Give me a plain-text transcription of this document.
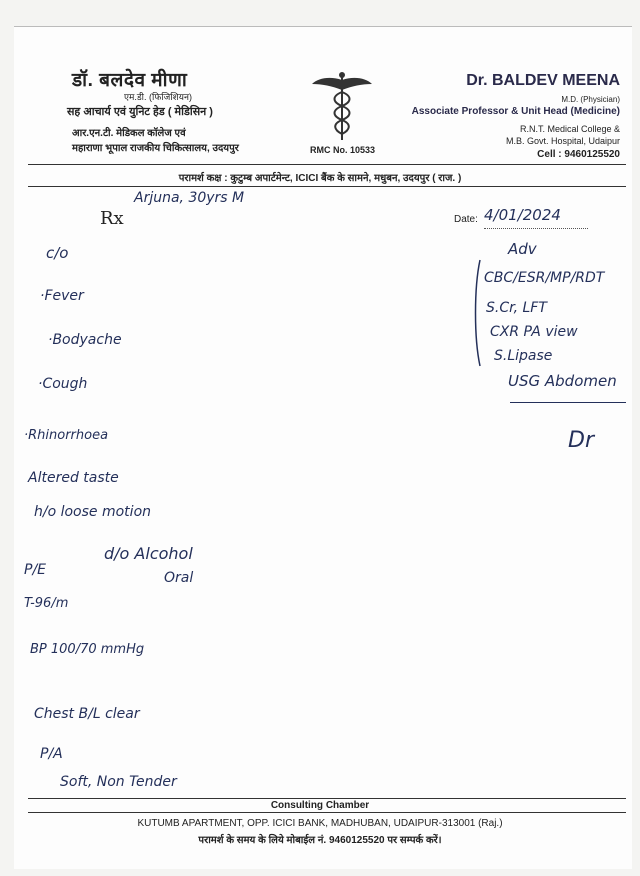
डॉ. बलदेव मीणा
एम.डी. (फिजिशियन)
सह आचार्य एवं युनिट हेड ( मेडिसिन )
आर.एन.टी. मेडिकल कॉलेज एवं
महाराणा भूपाल राजकीय चिकित्सालय, उदयपुर	RMC No. 10533
Dr. BALDEV MEENA
M.D. (Physician)
Associate Professor & Unit Head (Medicine)
R.N.T. Medical College &
M.B. Govt. Hospital, Udaipur
Cell : 9460125520
परामर्श कक्ष : कुटुम्ब अपार्टमेन्ट, ICICI बैंक के सामने, मधुबन, उदयपुर ( राज. )
Rx	Date:
Arjuna, 30yrs M
4/01/2024
c/o
·Fever
·Bodyache
·Cough
·Rhinorrhoea
Altered taste
h/o loose motion
d/o Alcohol
Oral
P/E
T-96/m
BP 100/70 mmHg
Chest B/L clear
P/A
Soft, Non Tender
Adv
CBC/ESR/MP/RDT
S.Cr, LFT
CXR PA view
S.Lipase
USG Abdomen
Dr
Consulting Chamber
KUTUMB APARTMENT, OPP. ICICI BANK, MADHUBAN, UDAIPUR-313001 (Raj.)
परामर्श के समय के लिये मोबाईल नं. 9460125520 पर सम्पर्क करें।
